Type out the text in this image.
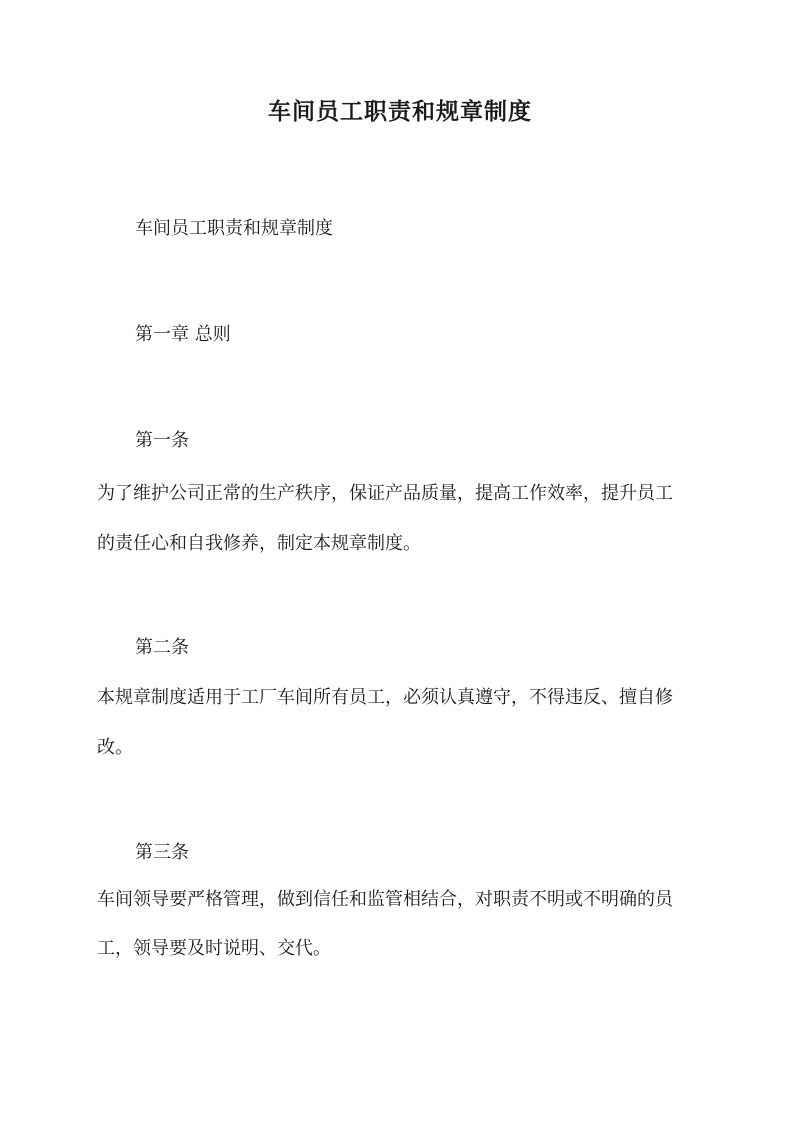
车间员工职责和规章制度
车间员工职责和规章制度
第一章 总则
第一条
为了维护公司正常的生产秩序，保证产品质量，提高工作效率，提升员工
的责任心和自我修养，制定本规章制度。
第二条
本规章制度适用于工厂车间所有员工，必须认真遵守，不得违反、擅自修
改。
第三条
车间领导要严格管理，做到信任和监管相结合，对职责不明或不明确的员
工，领导要及时说明、交代。
